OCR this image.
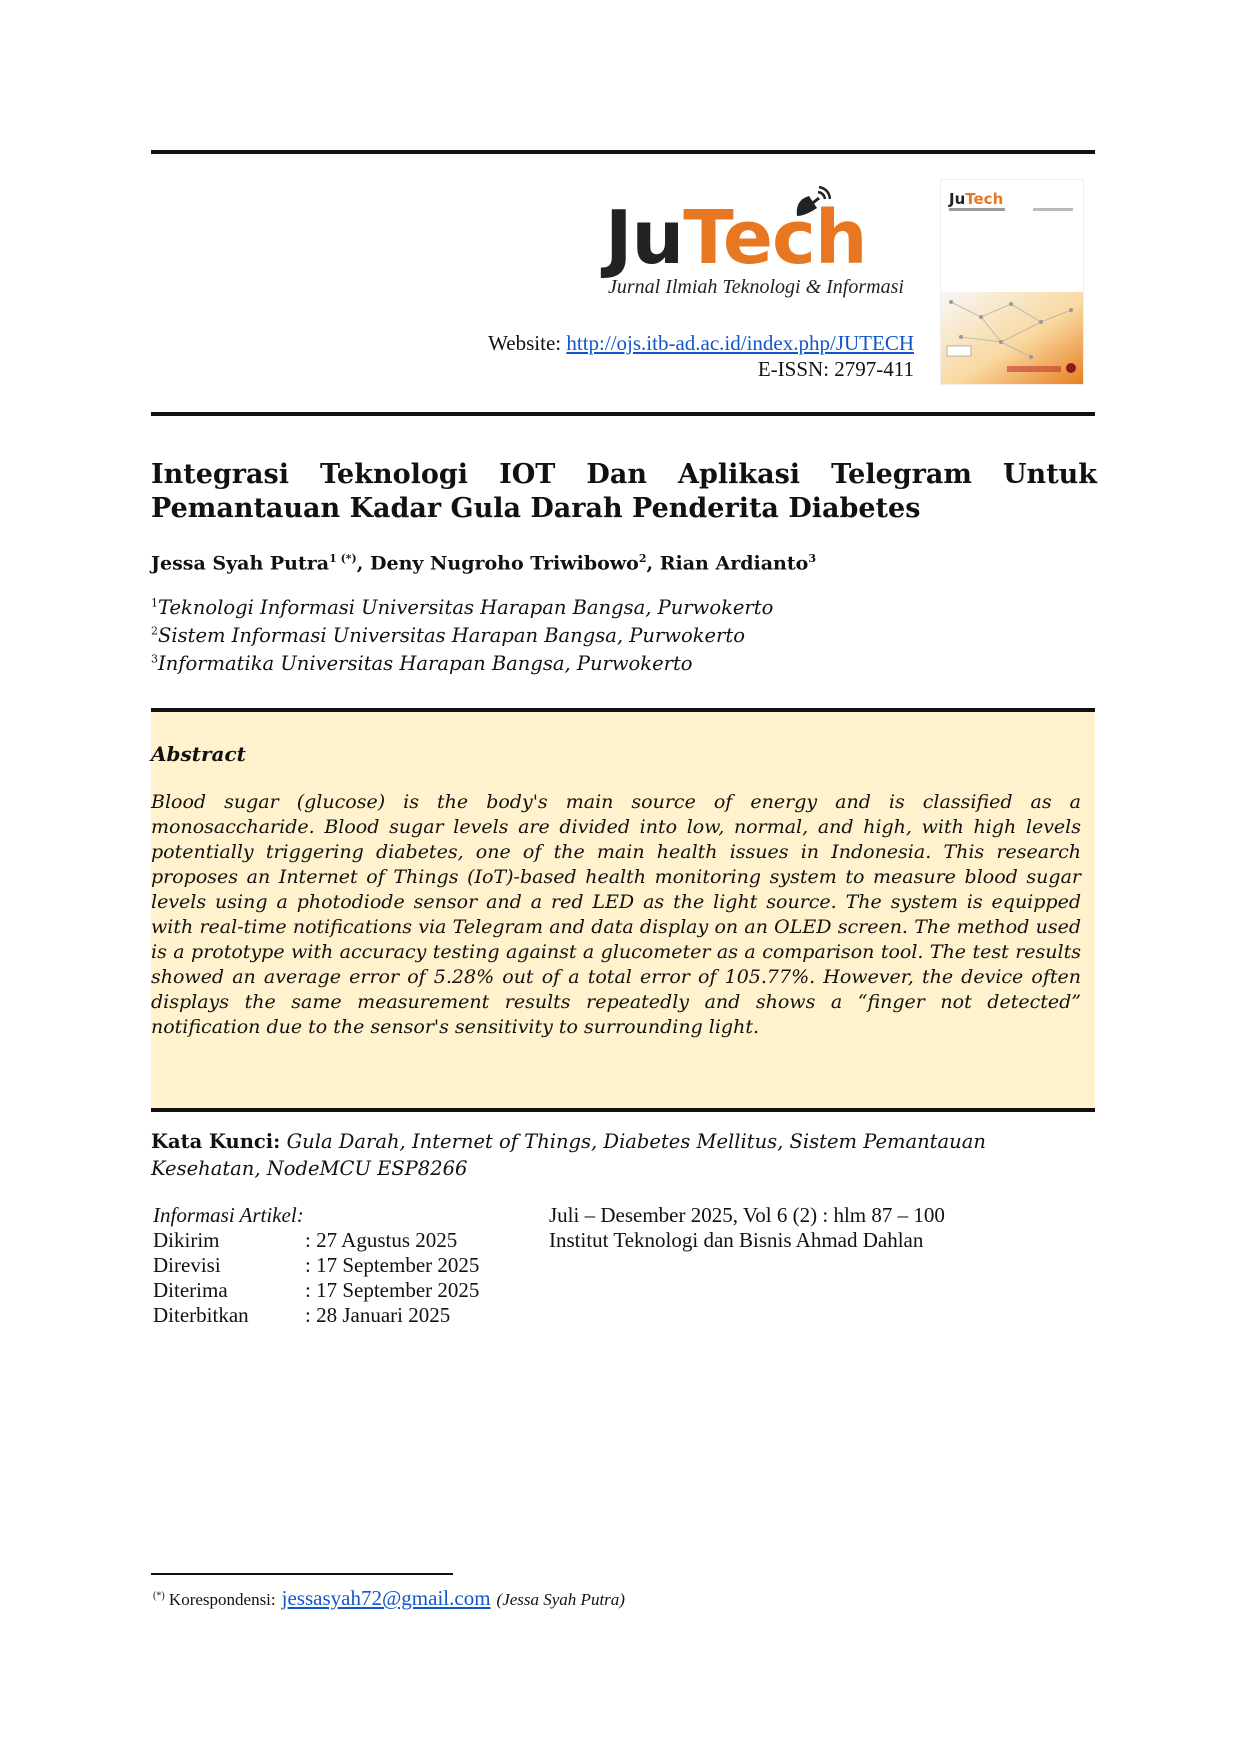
JuTech
Jurnal Ilmiah Teknologi & Informasi
Website: http://ojs.itb-ad.ac.id/index.php/JUTECH
E-ISSN: 2797-411
JuTech
Integrasi Teknologi IOT Dan Aplikasi Telegram Untuk
Pemantauan Kadar Gula Darah Penderita Diabetes
Jessa Syah Putra$^{1 (*)}$, Deny Nugroho Triwibowo$^2$, Rian Ardianto$^3$
$^1$Teknologi Informasi Universitas Harapan Bangsa, Purwokerto
$^2$Sistem Informasi Universitas Harapan Bangsa, Purwokerto
$^3$Informatika Universitas Harapan Bangsa, Purwokerto
Abstract
Blood sugar (glucose) is the body's main source of energy and is classified as a monosaccharide. Blood sugar levels are divided into low, normal, and high, with high levels potentially triggering diabetes, one of the main health issues in Indonesia. This research proposes an Internet of Things (IoT)-based health monitoring system to measure blood sugar levels using a photodiode sensor and a red LED as the light source. The system is equipped with real-time notifications via Telegram and data display on an OLED screen. The method used is a prototype with accuracy testing against a glucometer as a comparison tool. The test results showed an average error of 5.28% out of a total error of 105.77%. However, the device often displays the same measurement results repeatedly and shows a “finger not detected” notification due to the sensor's sensitivity to surrounding light.
Kata Kunci: Gula Darah, Internet of Things, Diabetes Mellitus, Sistem Pemantauan Kesehatan, NodeMCU ESP8266
Informasi Artikel:
Dikirim	: 27 Agustus 2025
Direvisi	: 17 September 2025
Diterima	: 17 September 2025
Diterbitkan	: 28 Januari 2025
Juli – Desember 2025, Vol 6 (2) : hlm 87 – 100
Institut Teknologi dan Bisnis Ahmad Dahlan
(*) Korespondensi: jessasyah72@gmail.com (Jessa Syah Putra)
